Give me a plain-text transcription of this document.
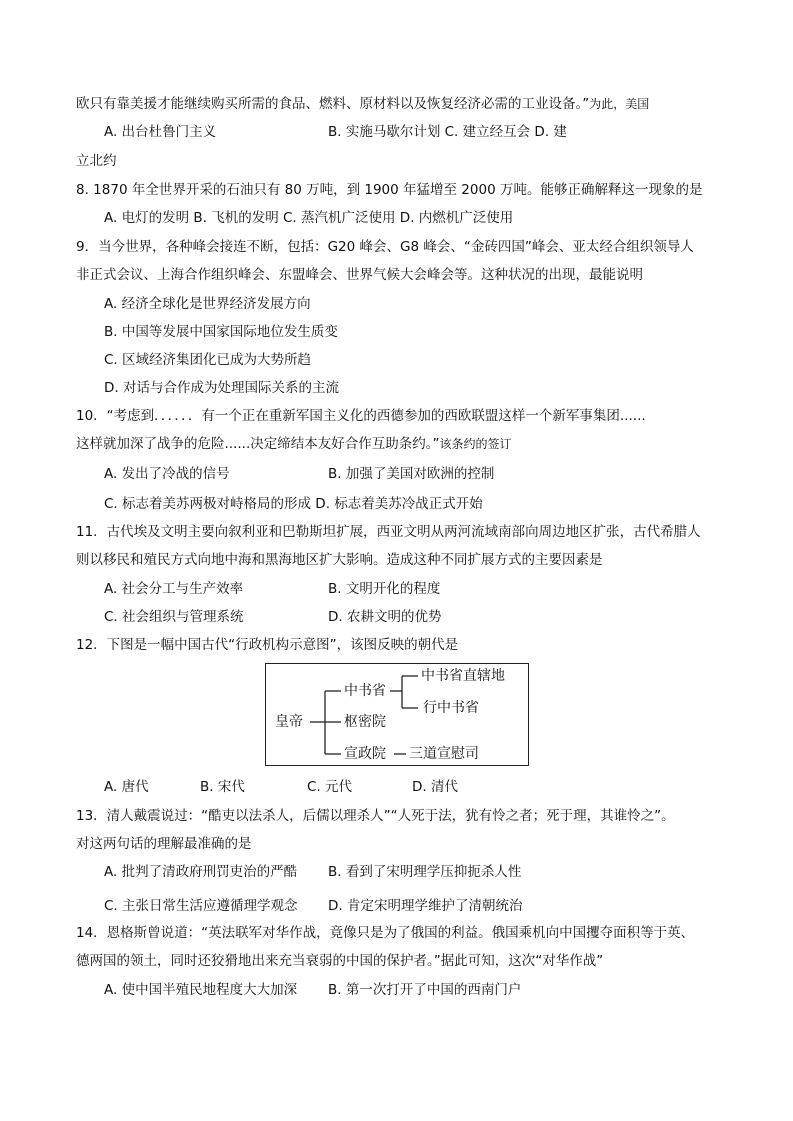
欧只有靠美援才能继续购买所需的食品、燃料、原材料以及恢复经济必需的工业设备。”为此，美国
A. 出台杜鲁门主义	B. 实施马歇尔计划 C. 建立经互会 D. 建
立北约
8. 1870 年全世界开采的石油只有 80 万吨，到 1900 年猛增至 2000 万吨。能够正确解释这一现象的是
A. 电灯的发明 B. 飞机的发明 C. 蒸汽机广泛使用 D. 内燃机广泛使用
9．当今世界，各种峰会接连不断，包括：G20 峰会、G8 峰会、“金砖四国”峰会、亚太经合组织领导人
非正式会议、上海合作组织峰会、东盟峰会、世界气候大会峰会等。这种状况的出现，最能说明
A. 经济全球化是世界经济发展方向
B. 中国等发展中国家国际地位发生质变
C. 区域经济集团化已成为大势所趋
D. 对话与合作成为处理国际关系的主流
10．“考虑到．．．．．．有一个正在重新军国主义化的西德参加的西欧联盟这样一个新军事集团......
这样就加深了战争的危险......决定缔结本友好合作互助条约。”该条约的签订
A. 发出了冷战的信号	B. 加强了美国对欧洲的控制
C. 标志着美苏两极对峙格局的形成 D. 标志着美苏冷战正式开始
11．古代埃及文明主要向叙利亚和巴勒斯坦扩展，西亚文明从两河流域南部向周边地区扩张，古代希腊人
则以移民和殖民方式向地中海和黑海地区扩大影响。造成这种不同扩展方式的主要因素是
A. 社会分工与生产效率	B. 文明开化的程度
C. 社会组织与管理系统	D. 农耕文明的优势
12．下图是一幅中国古代“行政机构示意图”，该图反映的朝代是
皇帝
中书省
中书省直辖地
行中书省
枢密院
宣政院 三道宣慰司
A. 唐代	B. 宋代	C. 元代	D. 清代
13．清人戴震说过：“酷吏以法杀人，后儒以理杀人”“人死于法，犹有怜之者；死于理，其谁怜之”。
对这两句话的理解最准确的是
A. 批判了清政府刑罚吏治的严酷 B. 看到了宋明理学压抑扼杀人性
C. 主张日常生活应遵循理学观念 D. 肯定宋明理学维护了清朝统治
14．恩格斯曾说道：“英法联军对华作战，竟像只是为了俄国的利益。俄国乘机向中国攫夺面积等于英、
德两国的领土，同时还狡猾地出来充当衰弱的中国的保护者。”据此可知，这次“对华作战”
A. 使中国半殖民地程度大大加深 B. 第一次打开了中国的西南门户
